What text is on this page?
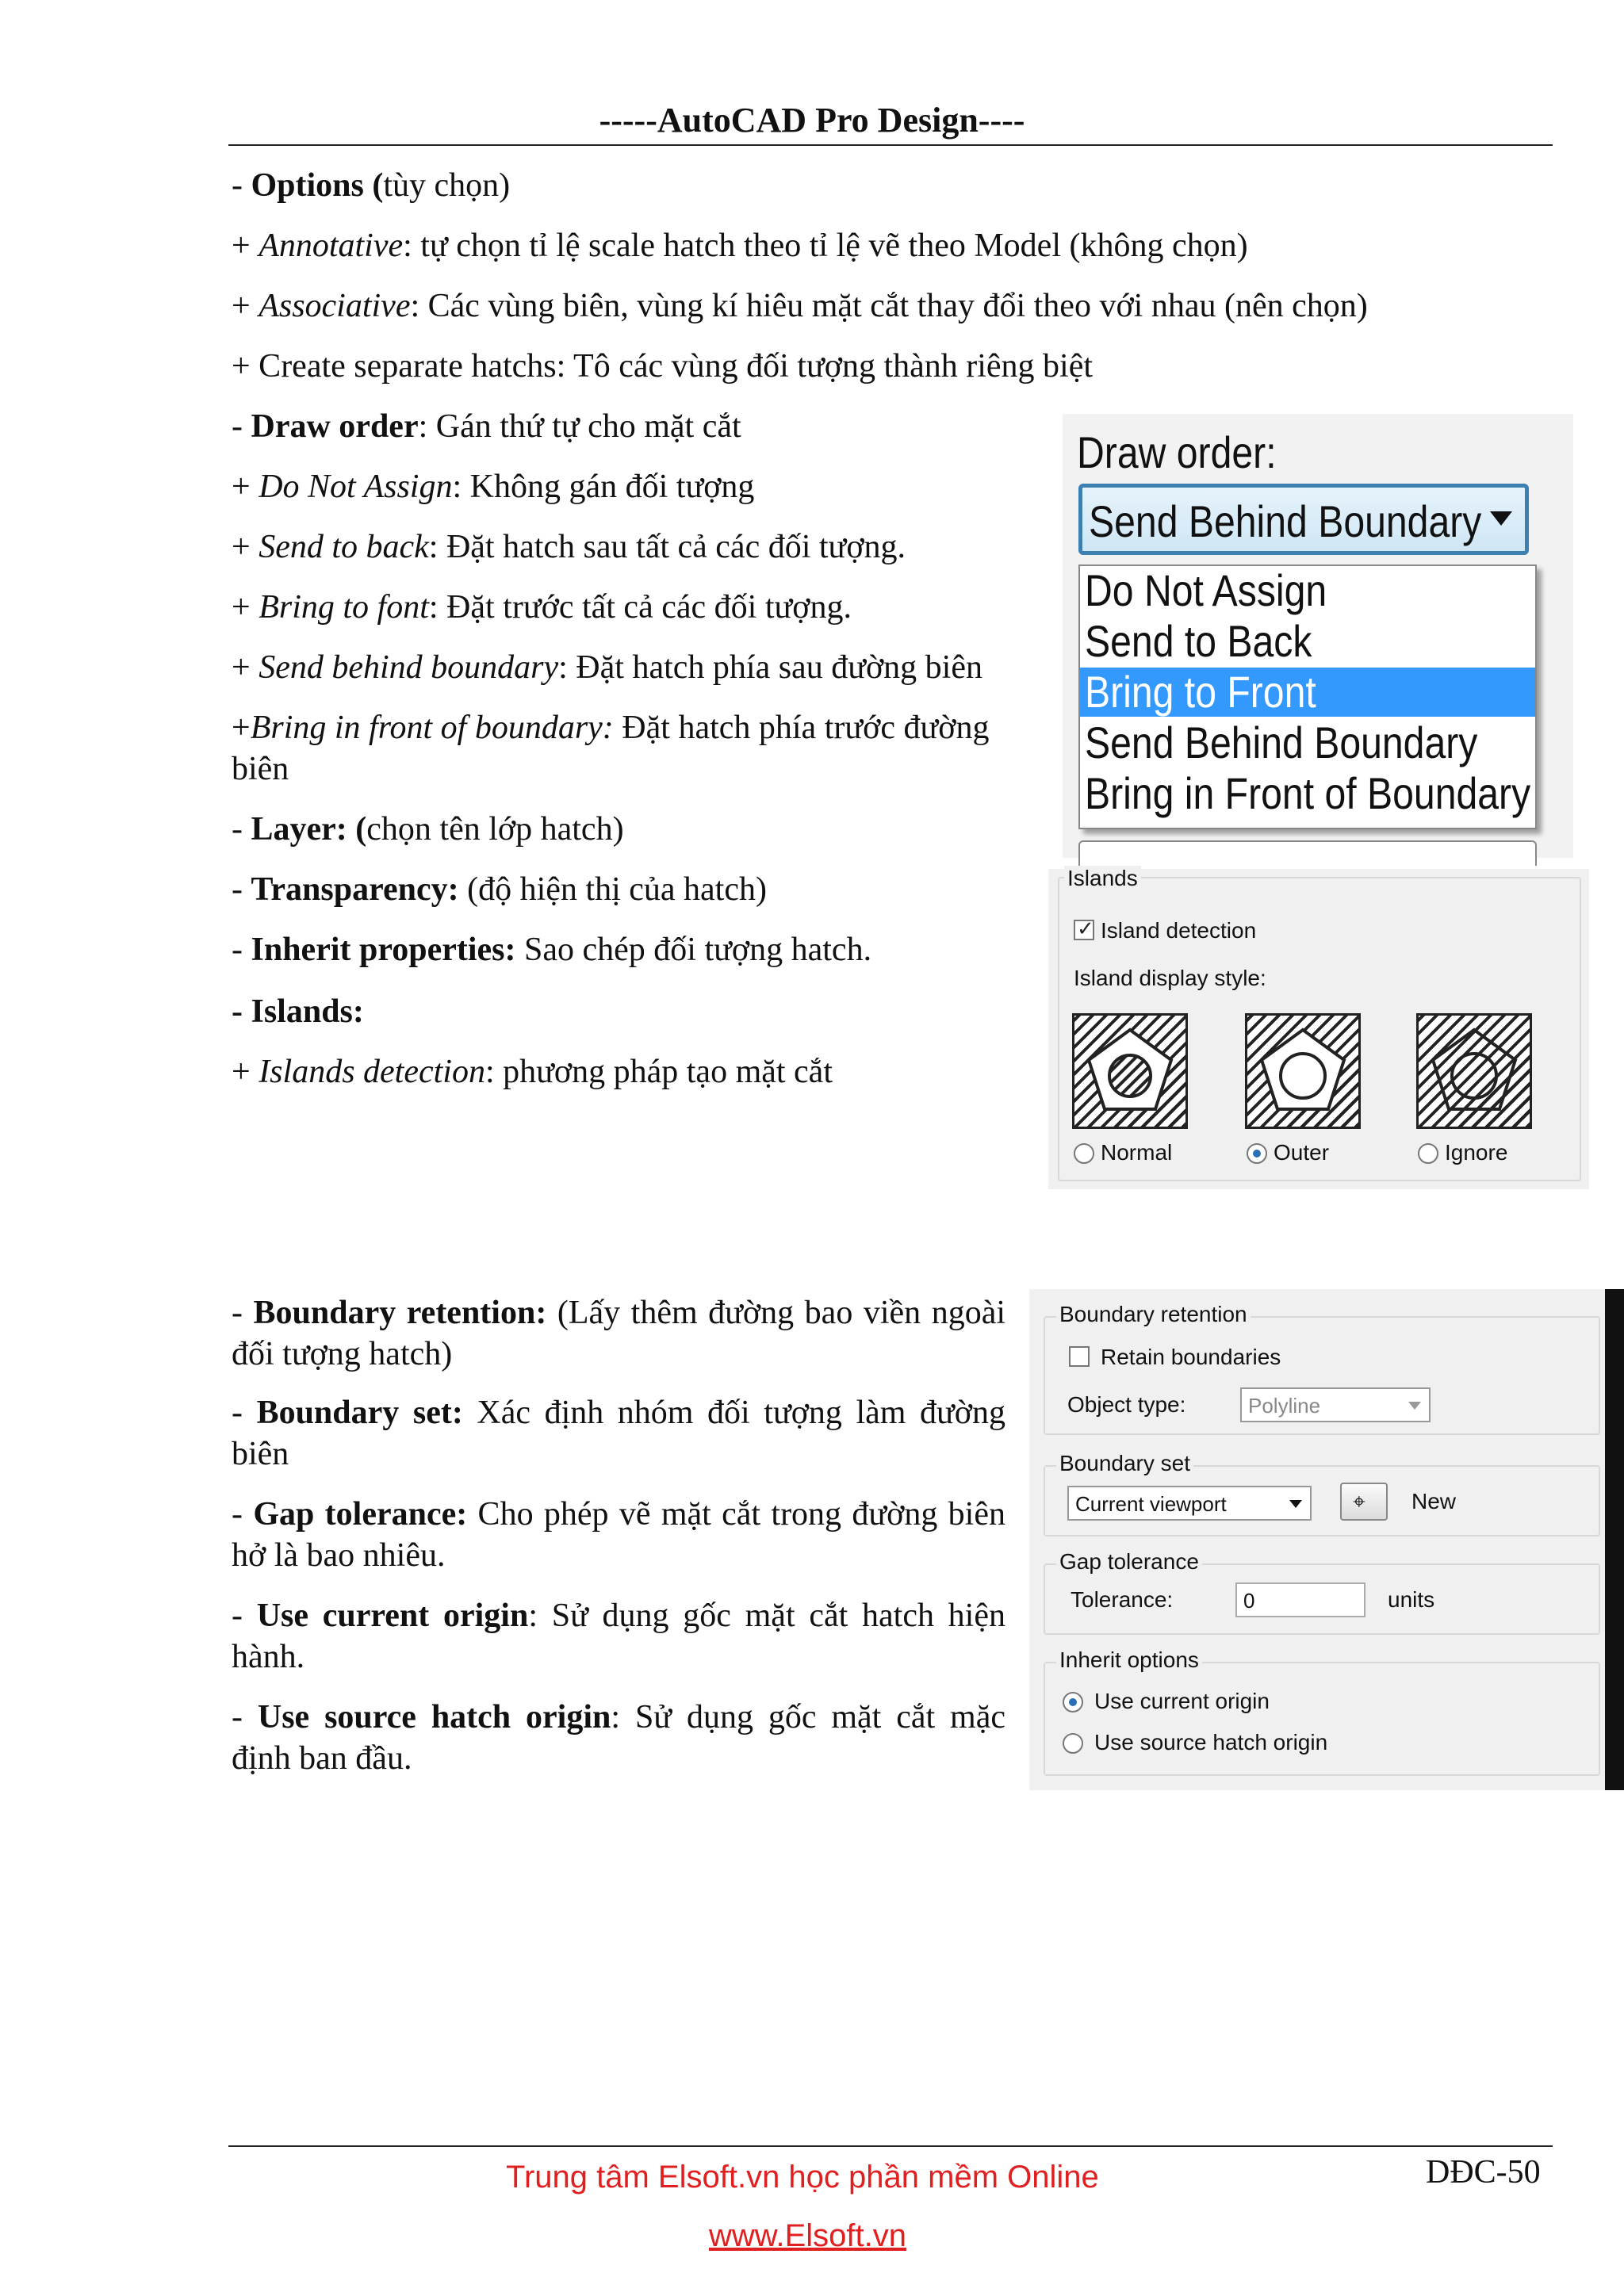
-----AutoCAD Pro Design----
- Options (tùy chọn)
+ Annotative: tự chọn tỉ lệ scale hatch theo tỉ lệ vẽ theo Model (không chọn)
+ Associative: Các vùng biên, vùng kí hiêu mặt cắt thay đổi theo với nhau (nên chọn)
+ Create separate hatchs: Tô các vùng đối tượng thành riêng biệt
- Draw order: Gán thứ tự cho mặt cắt
+ Do Not Assign: Không gán đối tượng
+ Send to back: Đặt hatch sau tất cả các đối tượng.
+ Bring to font: Đặt trước tất cả các đối tượng.
+ Send behind boundary: Đặt hatch phía sau đường biên
+Bring in front of boundary: Đặt hatch phía trước đường biên
- Layer: (chọn tên lớp hatch)
- Transparency: (độ hiện thị của hatch)
- Inherit properties: Sao chép đối tượng hatch.
- Islands:
+ Islands detection: phương pháp tạo mặt cắt
- Boundary retention: (Lấy thêm đường bao viền ngoài đối tượng hatch)
- Boundary set: Xác định nhóm đối tượng làm đường biên
- Gap tolerance: Cho phép vẽ mặt cắt trong đường biên hở là bao nhiêu.
- Use current origin: Sử dụng gốc mặt cắt hatch hiện hành.
- Use source hatch origin: Sử dụng gốc mặt cắt mặc định ban đầu.
Draw order:
Send Behind Boundary
Do Not Assign
Send to Back
Bring to Front
Send Behind Boundary
Bring in Front of Boundary
Islands
✓
Island detection
Island display style:
Normal	Outer	Ignore
Boundary retention
Retain boundaries
Object type:	Polyline
Boundary set
Current viewport	⌖ New
Gap tolerance
Tolerance:	0	units
Inherit options
Use current origin
Use source hatch origin
Trung tâm Elsoft.vn học phần mềm Online
www.Elsoft.vn
DĐC-50
